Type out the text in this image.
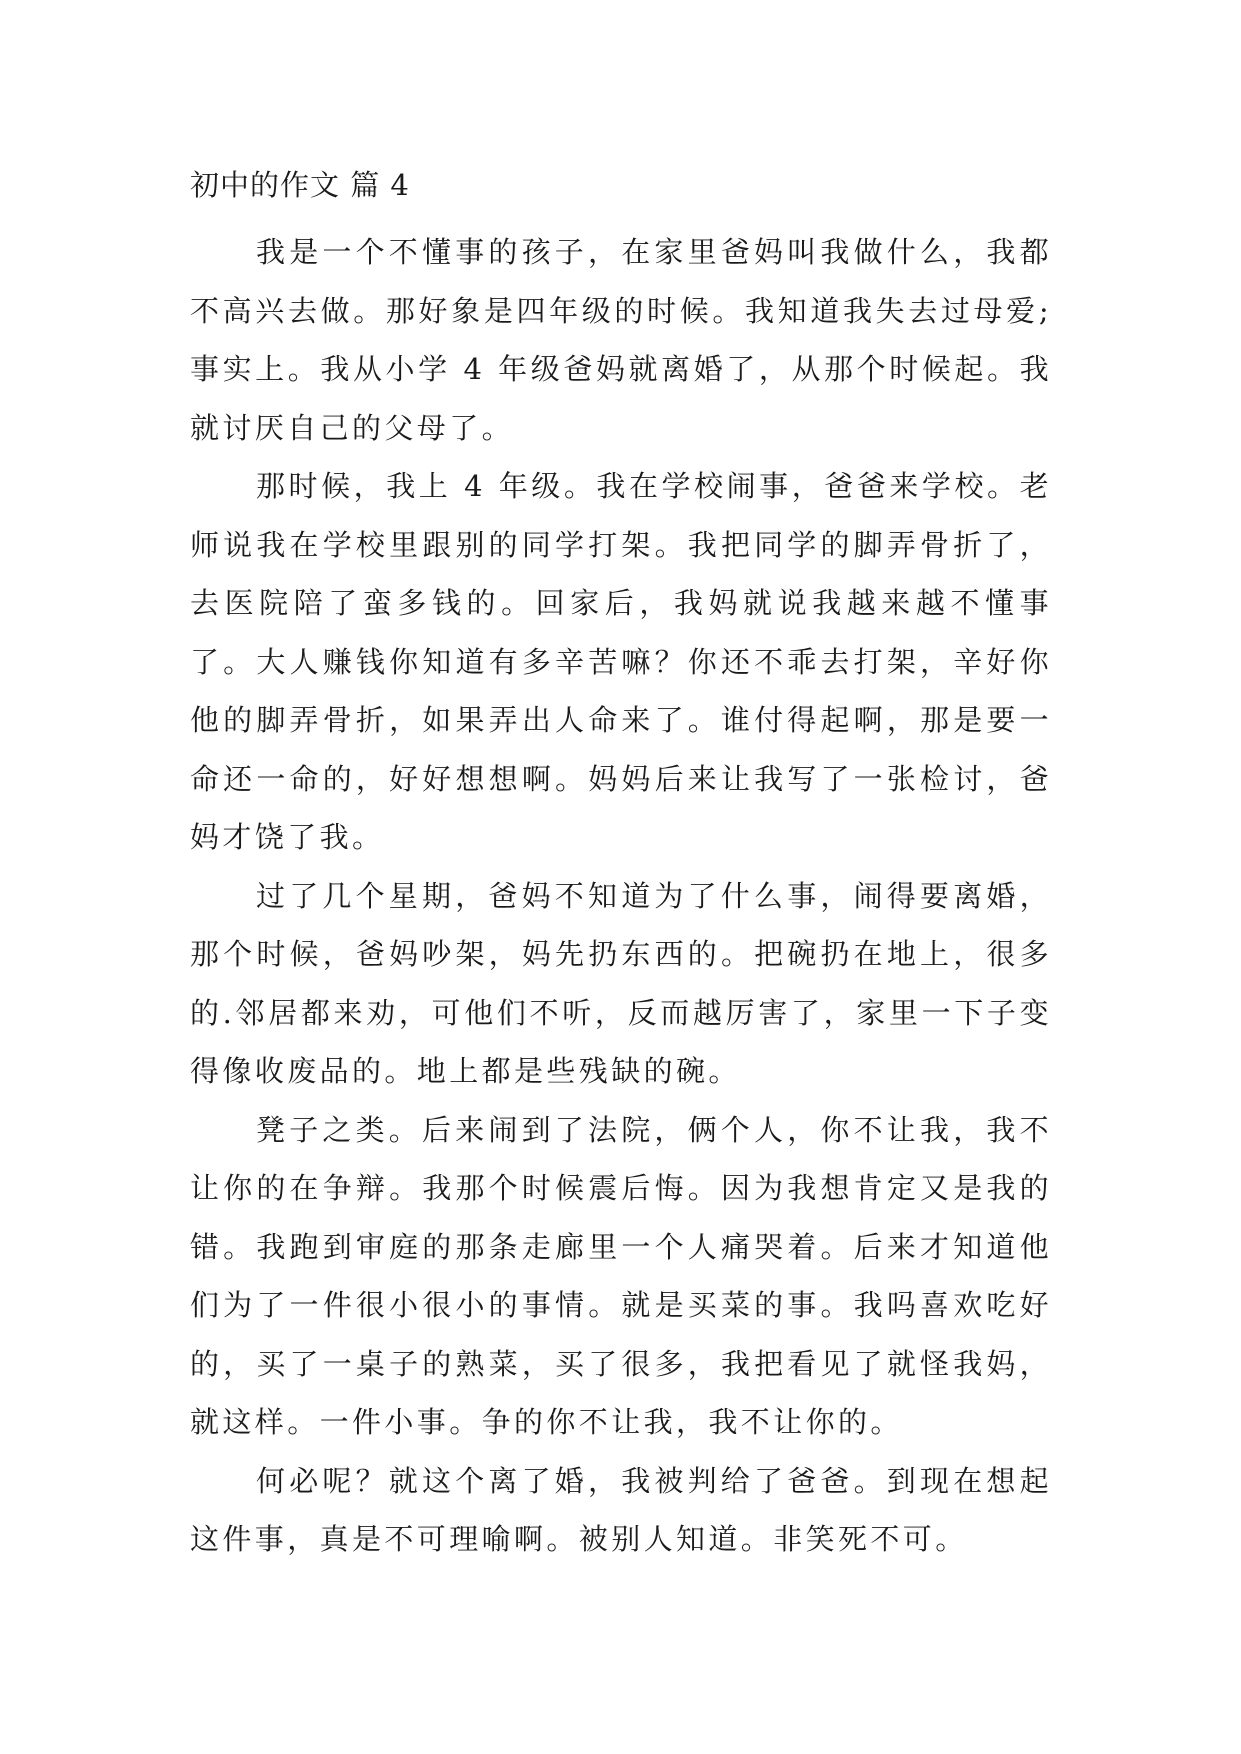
初中的作文 篇 4

我是一个不懂事的孩子，在家里爸妈叫我做什么，我都不高兴去做。那好象是四年级的时候。我知道我失去过母爱;事实上。我从小学 4 年级爸妈就离婚了，从那个时候起。我就讨厌自己的父母了。

那时候，我上 4 年级。我在学校闹事，爸爸来学校。老师说我在学校里跟别的同学打架。我把同学的脚弄骨折了，去医院陪了蛮多钱的。回家后，我妈就说我越来越不懂事了。大人赚钱你知道有多辛苦嘛？你还不乖去打架，辛好你他的脚弄骨折，如果弄出人命来了。谁付得起啊，那是要一命还一命的，好好想想啊。妈妈后来让我写了一张检讨，爸妈才饶了我。

过了几个星期，爸妈不知道为了什么事，闹得要离婚，那个时候，爸妈吵架，妈先扔东西的。把碗扔在地上，很多的.邻居都来劝，可他们不听，反而越厉害了，家里一下子变得像收废品的。地上都是些残缺的碗。

凳子之类。后来闹到了法院，俩个人，你不让我，我不让你的在争辩。我那个时候震后悔。因为我想肯定又是我的错。我跑到审庭的那条走廊里一个人痛哭着。后来才知道他们为了一件很小很小的事情。就是买菜的事。我吗喜欢吃好的，买了一桌子的熟菜，买了很多，我把看见了就怪我妈，就这样。一件小事。争的你不让我，我不让你的。

何必呢？就这个离了婚，我被判给了爸爸。到现在想起这件事，真是不可理喻啊。被别人知道。非笑死不可。
